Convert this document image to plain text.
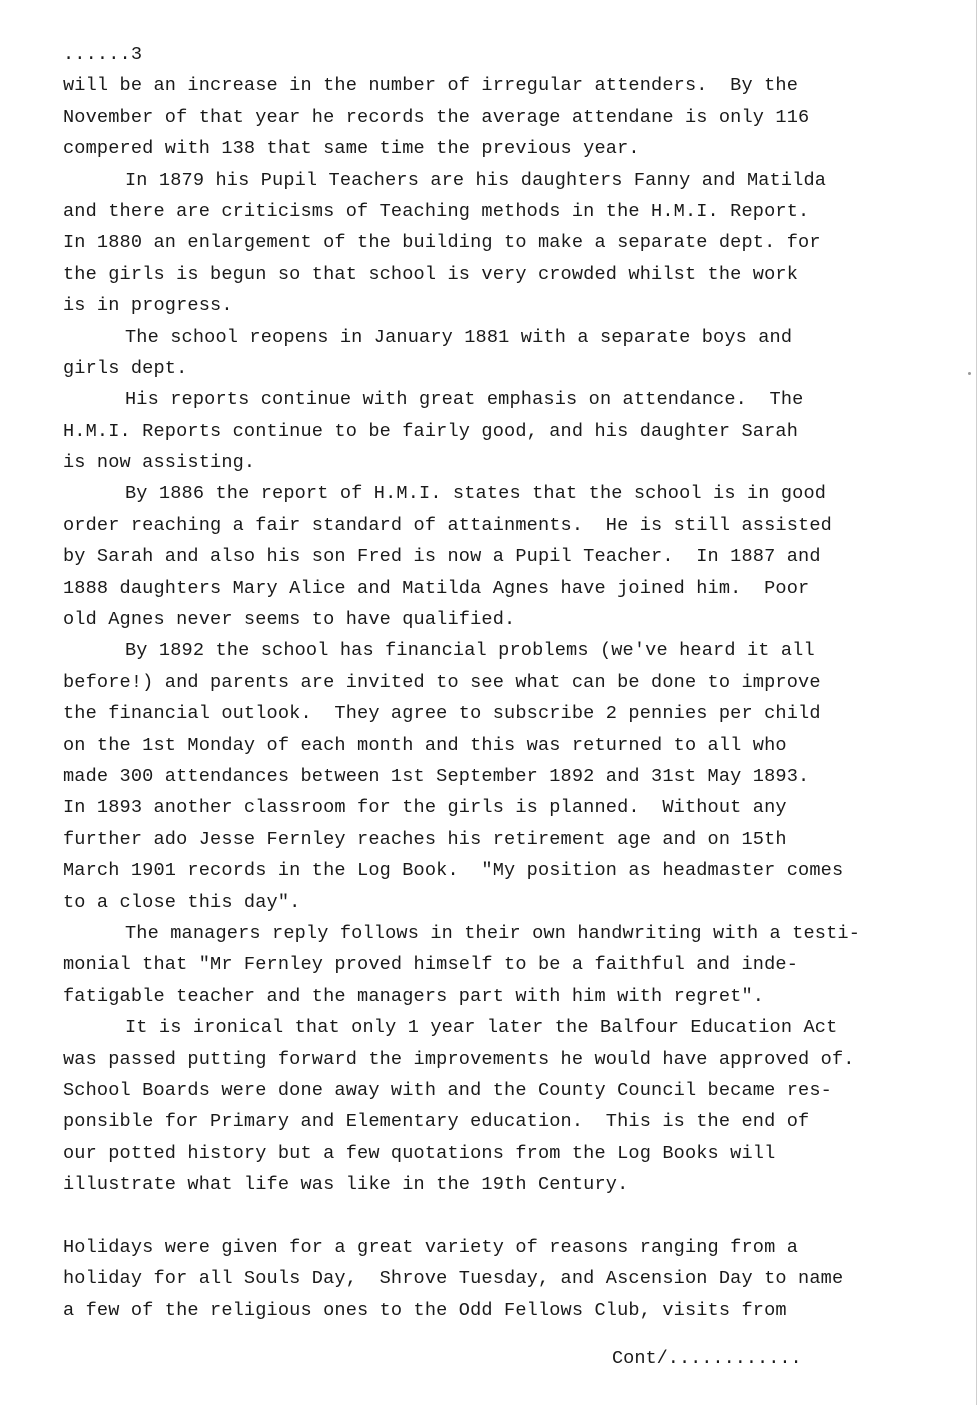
......3
will be an increase in the number of irregular attenders.  By the
November of that year he records the average attendane is only 116
compered with 138 that same time the previous year.
In 1879 his Pupil Teachers are his daughters Fanny and Matilda
and there are criticisms of Teaching methods in the H.M.I. Report.
In 1880 an enlargement of the building to make a separate dept. for
the girls is begun so that school is very crowded whilst the work
is in progress.
The school reopens in January 1881 with a separate boys and
girls dept.
His reports continue with great emphasis on attendance.  The
H.M.I. Reports continue to be fairly good, and his daughter Sarah
is now assisting.
By 1886 the report of H.M.I. states that the school is in good
order reaching a fair standard of attainments.  He is still assisted
by Sarah and also his son Fred is now a Pupil Teacher.  In 1887 and
1888 daughters Mary Alice and Matilda Agnes have joined him.  Poor
old Agnes never seems to have qualified.
By 1892 the school has financial problems (we've heard it all
before!) and parents are invited to see what can be done to improve
the financial outlook.  They agree to subscribe 2 pennies per child
on the 1st Monday of each month and this was returned to all who
made 300 attendances between 1st September 1892 and 31st May 1893.
In 1893 another classroom for the girls is planned.  Without any
further ado Jesse Fernley reaches his retirement age and on 15th
March 1901 records in the Log Book.  "My position as headmaster comes
to a close this day".
The managers reply follows in their own handwriting with a testi-
monial that "Mr Fernley proved himself to be a faithful and inde-
fatigable teacher and the managers part with him with regret".
It is ironical that only 1 year later the Balfour Education Act
was passed putting forward the improvements he would have approved of.
School Boards were done away with and the County Council became res-
ponsible for Primary and Elementary education.  This is the end of
our potted history but a few quotations from the Log Books will
illustrate what life was like in the 19th Century.
Holidays were given for a great variety of reasons ranging from a
holiday for all Souls Day,  Shrove Tuesday, and Ascension Day to name
a few of the religious ones to the Odd Fellows Club, visits from
Cont/............
